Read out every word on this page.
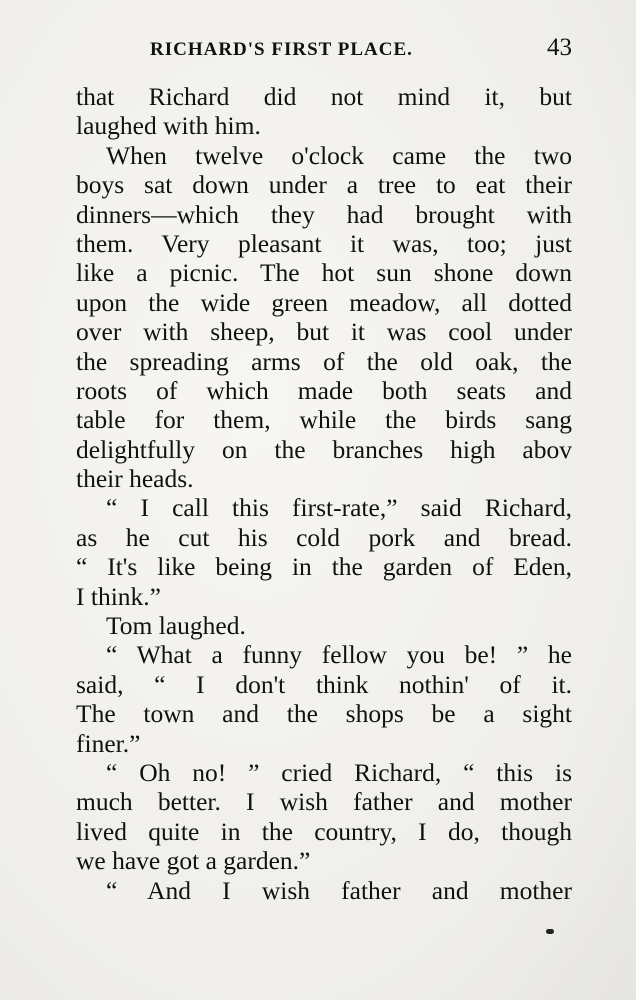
RICHARD'S FIRST PLACE.	43
that Richard did not mind it, but
laughed with him.
When twelve o'clock came the two
boys sat down under a tree to eat their
dinners—which they had brought with
them. Very pleasant it was, too; just
like a picnic. The hot sun shone down
upon the wide green meadow, all dotted
over with sheep, but it was cool under
the spreading arms of the old oak, the
roots of which made both seats and
table for them, while the birds sang
delightfully on the branches high abov
their heads.
“ I call this first-rate,” said Richard,
as he cut his cold pork and bread.
“ It's like being in the garden of Eden,
I think.”
Tom laughed.
“ What a funny fellow you be! ” he
said, “ I don't think nothin' of it.
The town and the shops be a sight
finer.”
“ Oh no! ” cried Richard, “ this is
much better. I wish father and mother
lived quite in the country, I do, though
we have got a garden.”
“ And I wish father and mother
